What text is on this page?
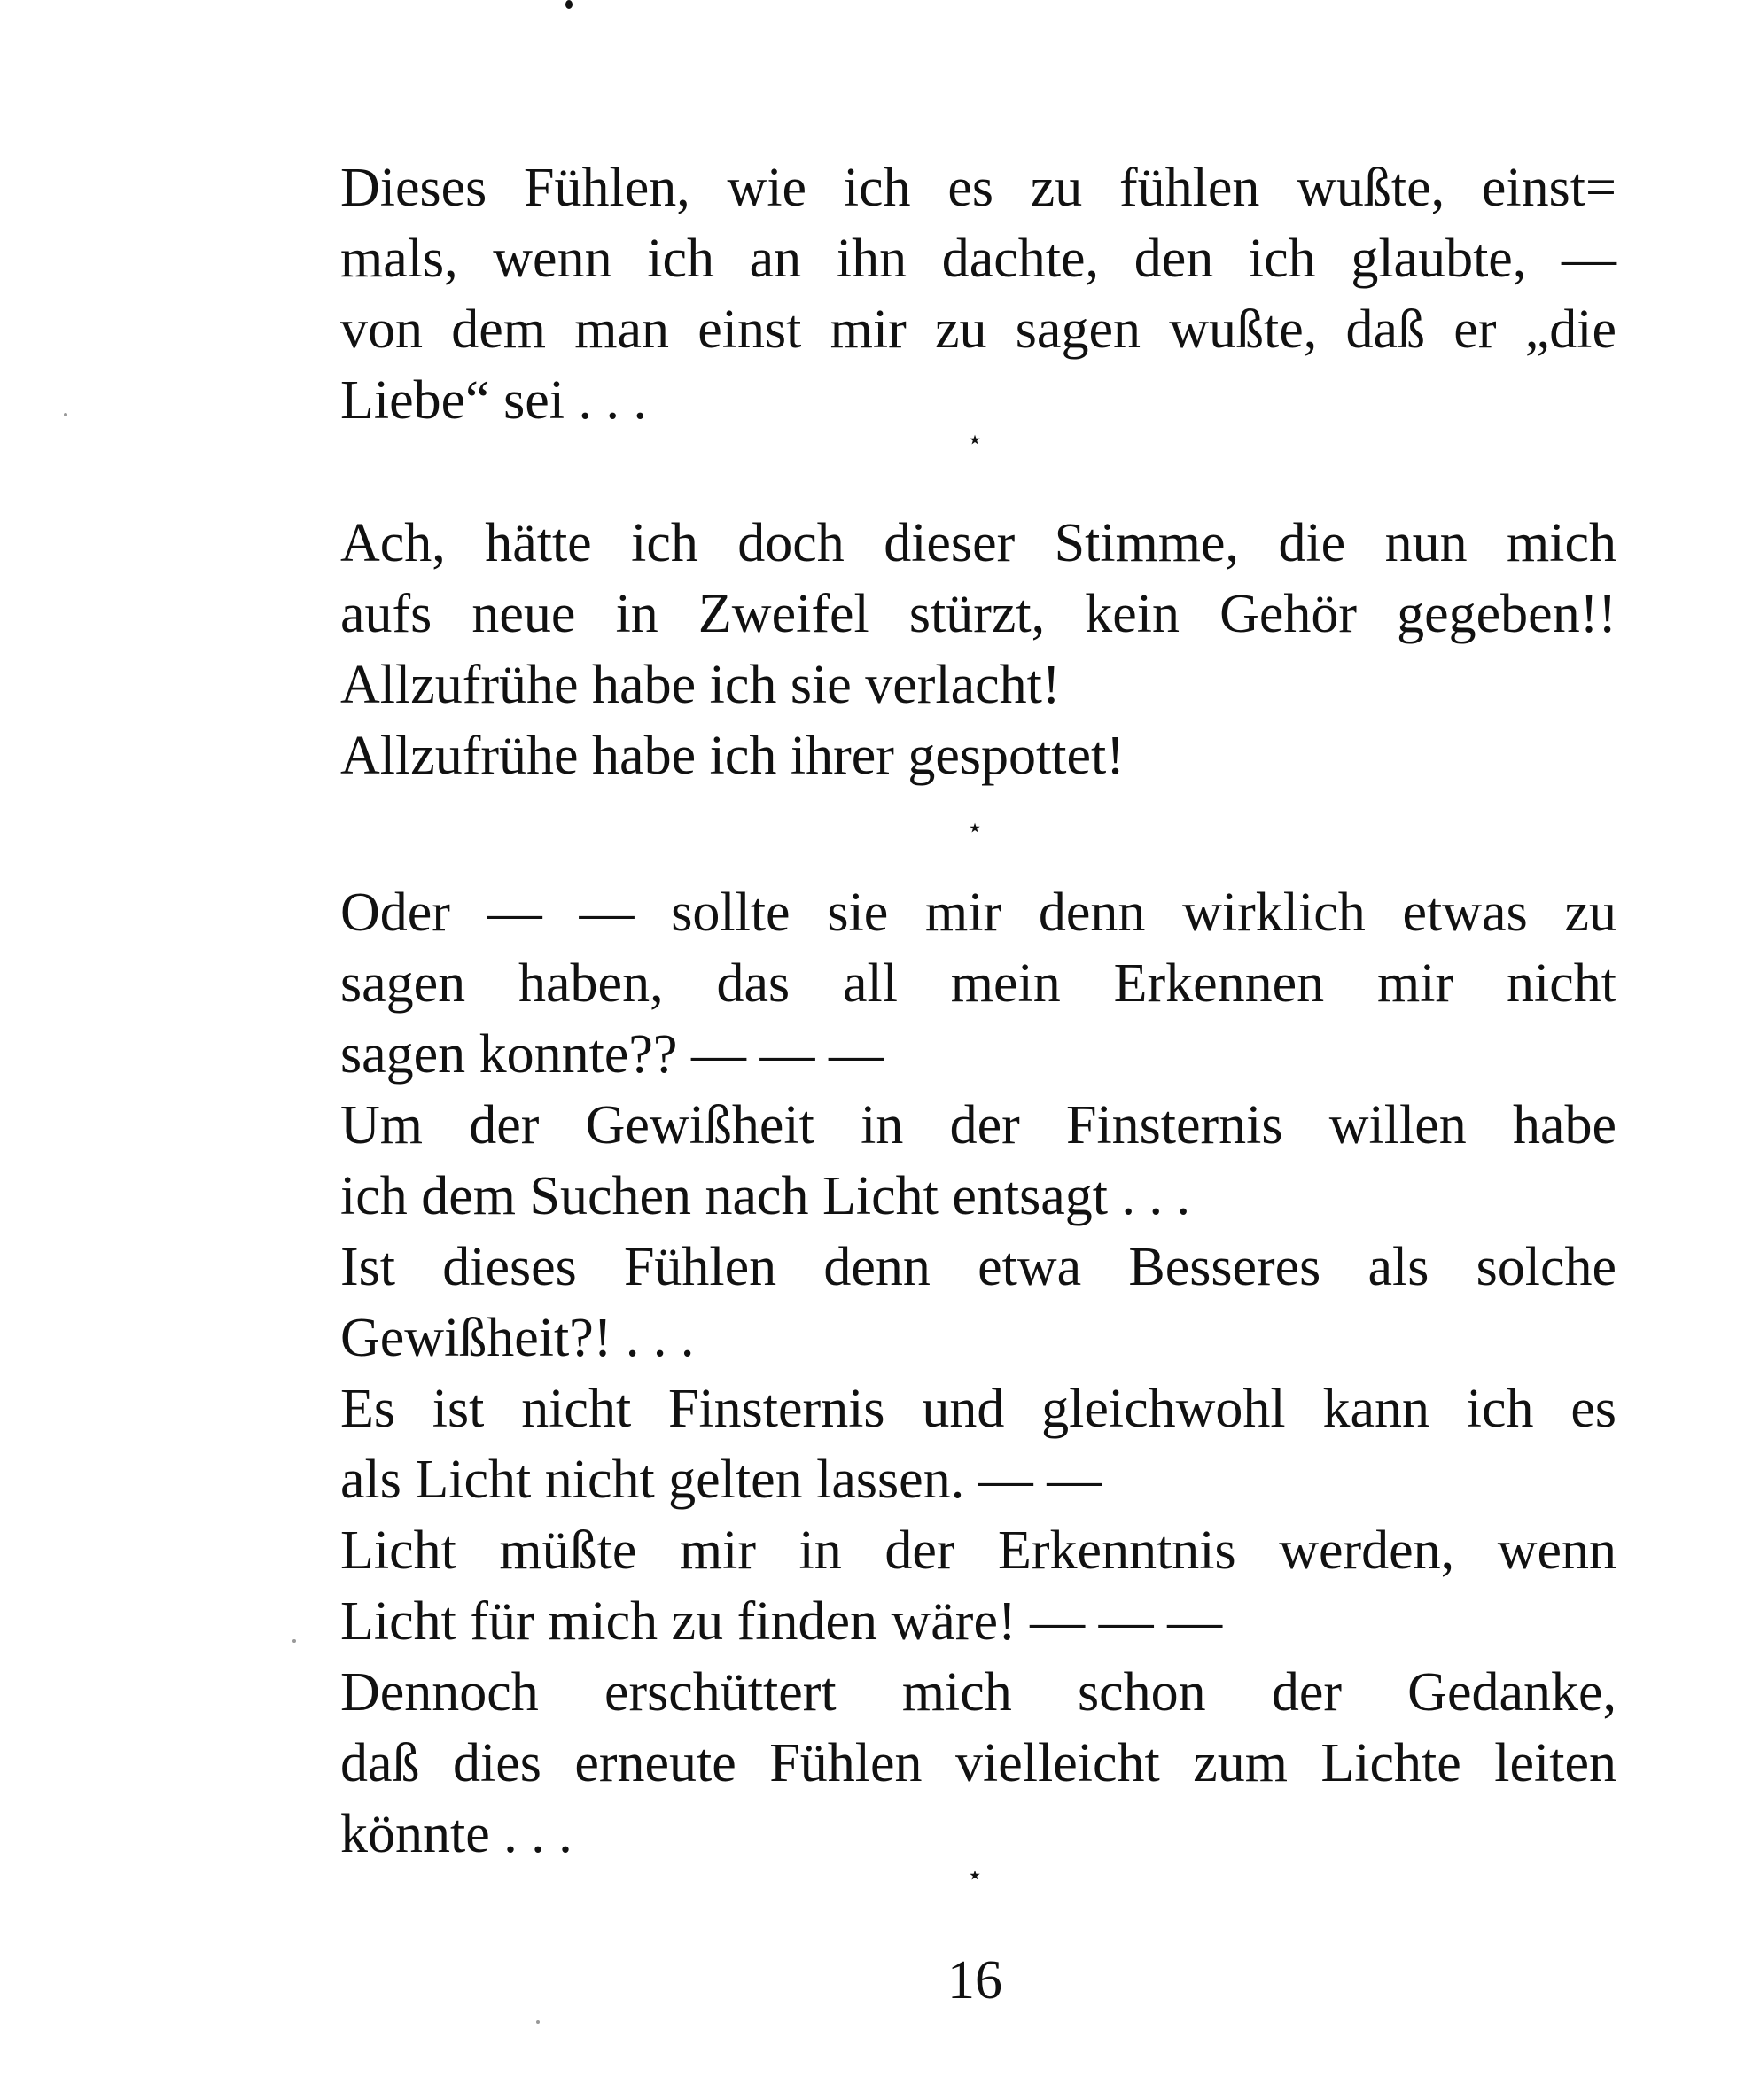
Dieses Fühlen, wie ich es zu fühlen wußte, einst=
mals, wenn ich an ihn dachte, den ich glaubte, —
von dem man einst mir zu sagen wußte, daß er „die
Liebe“ sei . . .
⋆
Ach, hätte ich doch dieser Stimme, die nun mich
aufs neue in Zweifel stürzt, kein Gehör gegeben!!
Allzufrühe habe ich sie verlacht!
Allzufrühe habe ich ihrer gespottet!
⋆
Oder — — sollte sie mir denn wirklich etwas zu
sagen haben, das all mein Erkennen mir nicht
sagen konnte?? — — —
Um der Gewißheit in der Finsternis willen habe
ich dem Suchen nach Licht entsagt . . .
Ist dieses Fühlen denn etwa Besseres als solche
Gewißheit?! . . .
Es ist nicht Finsternis und gleichwohl kann ich es
als Licht nicht gelten lassen. — —
Licht müßte mir in der Erkenntnis werden, wenn
Licht für mich zu finden wäre! — — —
Dennoch erschüttert mich schon der Gedanke,
daß dies erneute Fühlen vielleicht zum Lichte leiten
könnte . . .
⋆
16
